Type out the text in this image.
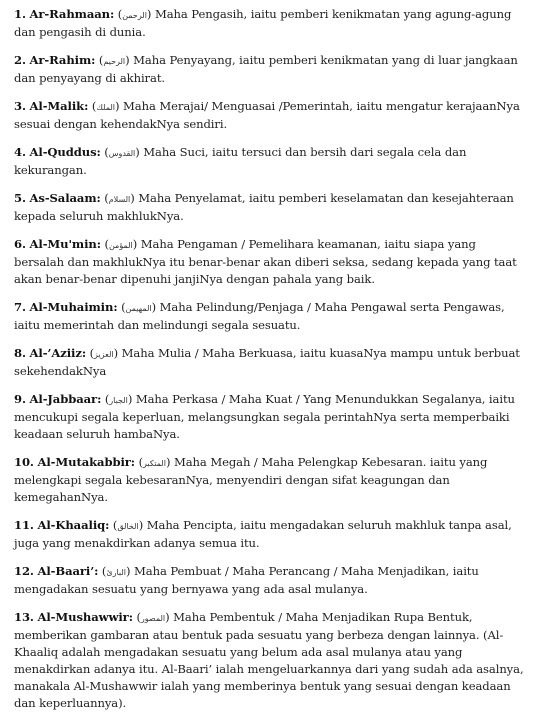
1. Ar-Rahmaan: (الرحمن) Maha Pengasih, iaitu pemberi kenikmatan yang agung-agung dan pengasih di dunia.

2. Ar-Rahim: (الرحيم) Maha Penyayang, iaitu pemberi kenikmatan yang di luar jangkaan dan penyayang di akhirat.

3. Al-Malik: (الملك) Maha Merajai/ Menguasai /Pemerintah, iaitu mengatur kerajaanNya sesuai dengan kehendakNya sendiri.

4. Al-Quddus: (القدوس) Maha Suci, iaitu tersuci dan bersih dari segala cela dan kekurangan.

5. As-Salaam: (السلام) Maha Penyelamat, iaitu pemberi keselamatan dan kesejahteraan kepada seluruh makhlukNya.

6. Al-Mu'min: (المؤمن) Maha Pengaman / Pemelihara keamanan, iaitu siapa yang bersalah dan makhlukNya itu benar-benar akan diberi seksa, sedang kepada yang taat akan benar-benar dipenuhi janjiNya dengan pahala yang baik.

7. Al-Muhaimin: (المهيمن) Maha Pelindung/Penjaga / Maha Pengawal serta Pengawas, iaitu memerintah dan melindungi segala sesuatu.

8. Al-’Aziiz: (العزيز) Maha Mulia / Maha Berkuasa, iaitu kuasaNya mampu untuk berbuat sekehendakNya

9. Al-Jabbaar: (الجبار) Maha Perkasa / Maha Kuat / Yang Menundukkan Segalanya, iaitu mencukupi segala keperluan, melangsungkan segala perintahNya serta memperbaiki keadaan seluruh hambaNya.

10. Al-Mutakabbir: (المتكبر) Maha Megah / Maha Pelengkap Kebesaran. iaitu yang melengkapi segala kebesaranNya, menyendiri dengan sifat keagungan dan kemegahanNya.

11. Al-Khaaliq: (الخالق) Maha Pencipta, iaitu mengadakan seluruh makhluk tanpa asal, juga yang menakdirkan adanya semua itu.

12. Al-Baari’: (البارئ) Maha Pembuat / Maha Perancang / Maha Menjadikan, iaitu mengadakan sesuatu yang bernyawa yang ada asal mulanya.

13. Al-Mushawwir: (المصور) Maha Pembentuk / Maha Menjadikan Rupa Bentuk, memberikan gambaran atau bentuk pada sesuatu yang berbeza dengan lainnya. (Al-Khaaliq adalah mengadakan sesuatu yang belum ada asal mulanya atau yang menakdirkan adanya itu. Al-Baari’ ialah mengeluarkannya dari yang sudah ada asalnya, manakala Al-Mushawwir ialah yang memberinya bentuk yang sesuai dengan keadaan dan keperluannya).
